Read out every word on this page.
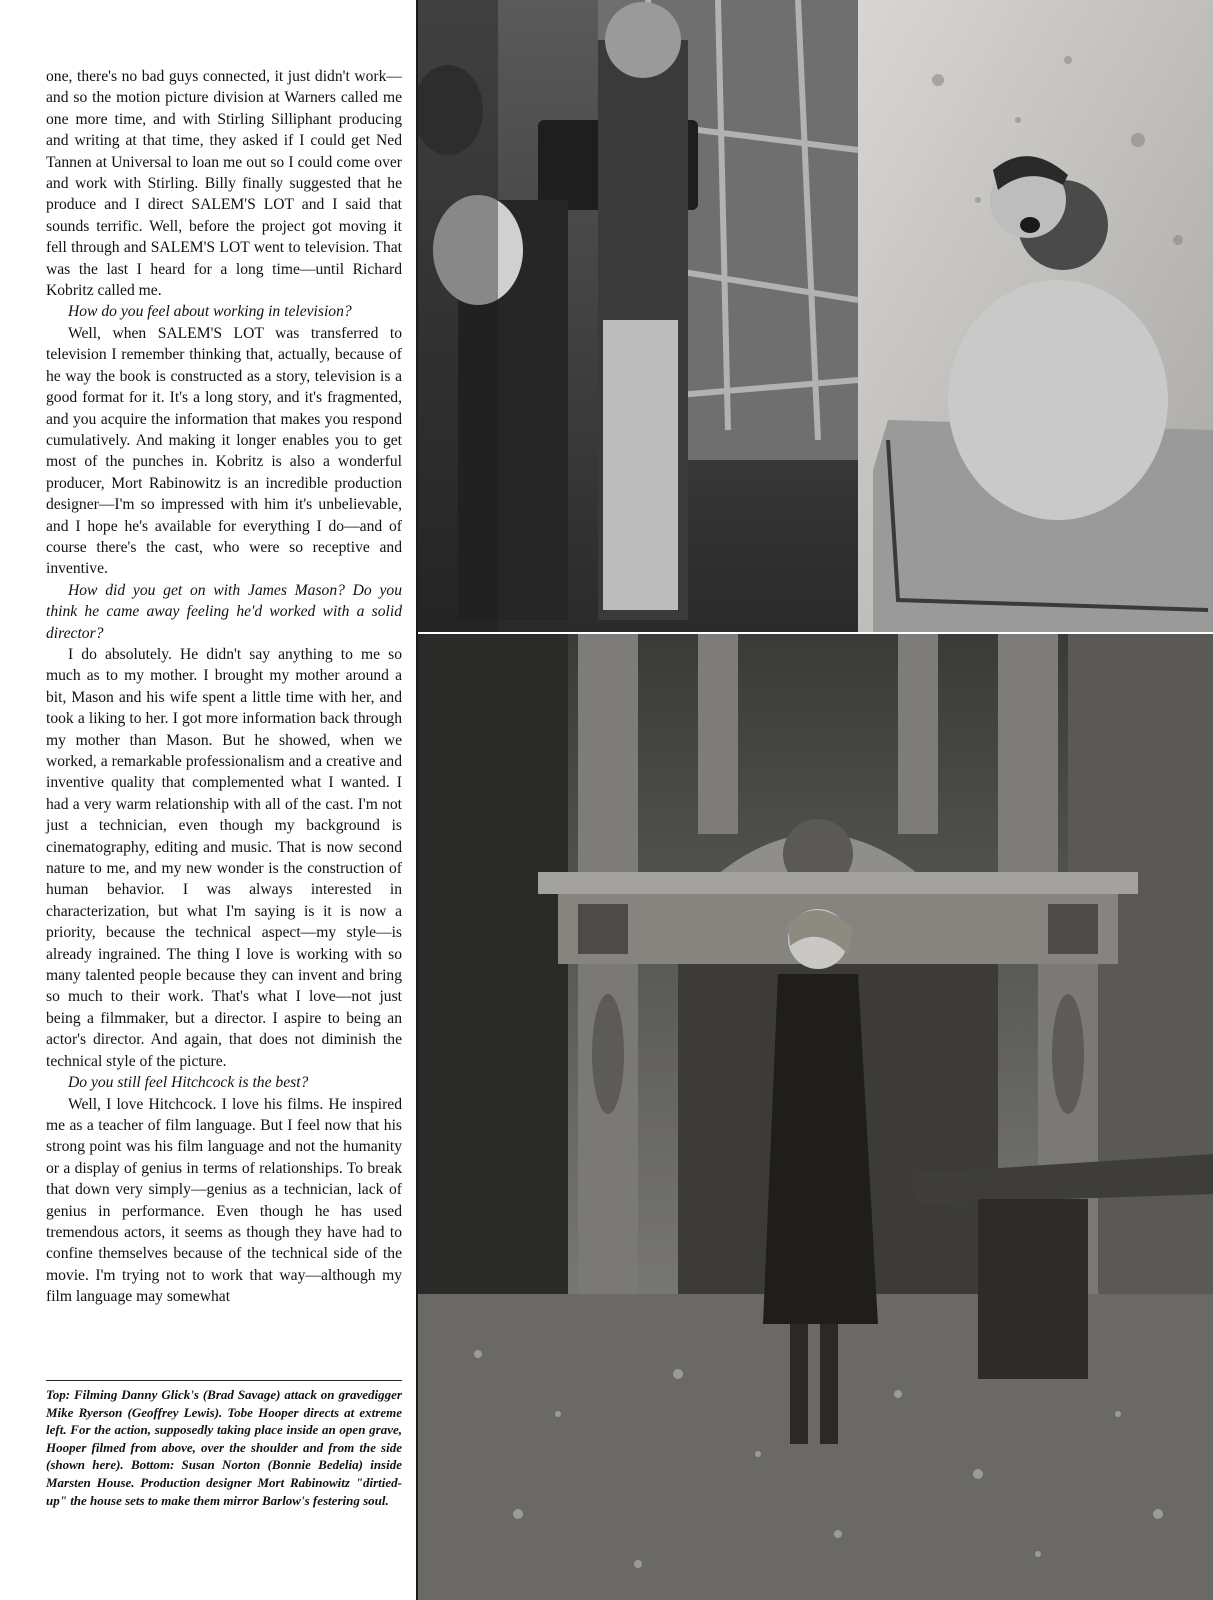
one, there's no bad guys connected, it just didn't work—and so the motion picture division at Warners called me one more time, and with Stirling Silliphant producing and writing at that time, they asked if I could get Ned Tannen at Universal to loan me out so I could come over and work with Stirling. Billy finally suggested that he produce and I direct SALEM'S LOT and I said that sounds terrific. Well, before the project got moving it fell through and SALEM'S LOT went to television. That was the last I heard for a long time—until Richard Kobritz called me.

How do you feel about working in television?

Well, when SALEM'S LOT was transferred to television I remember thinking that, actually, because of he way the book is constructed as a story, television is a good format for it. It's a long story, and it's fragmented, and you acquire the information that makes you respond cumulatively. And making it longer enables you to get most of the punches in. Kobritz is also a wonderful producer, Mort Rabinowitz is an incredible production designer—I'm so impressed with him it's unbelievable, and I hope he's available for everything I do—and of course there's the cast, who were so receptive and inventive.

How did you get on with James Mason? Do you think he came away feeling he'd worked with a solid director?

I do absolutely. He didn't say anything to me so much as to my mother. I brought my mother around a bit, Mason and his wife spent a little time with her, and took a liking to her. I got more information back through my mother than Mason. But he showed, when we worked, a remarkable professionalism and a creative and inventive quality that complemented what I wanted. I had a very warm relationship with all of the cast. I'm not just a technician, even though my background is cinematography, editing and music. That is now second nature to me, and my new wonder is the construction of human behavior. I was always interested in characterization, but what I'm saying is it is now a priority, because the technical aspect—my style—is already ingrained. The thing I love is working with so many talented people because they can invent and bring so much to their work. That's what I love—not just being a filmmaker, but a director. I aspire to being an actor's director. And again, that does not diminish the technical style of the picture.

Do you still feel Hitchcock is the best?

Well, I love Hitchcock. I love his films. He inspired me as a teacher of film language. But I feel now that his strong point was his film language and not the humanity or a display of genius in terms of relationships. To break that down very simply—genius as a technician, lack of genius in performance. Even though he has used tremendous actors, it seems as though they have had to confine themselves because of the technical side of the movie. I'm trying not to work that way—although my film language may somewhat

Top: Filming Danny Glick's (Brad Savage) attack on gravedigger Mike Ryerson (Geoffrey Lewis). Tobe Hooper directs at extreme left. For the action, supposedly taking place inside an open grave, Hooper filmed from above, over the shoulder and from the side (shown here). Bottom: Susan Norton (Bonnie Bedelia) inside Marsten House. Production designer Mort Rabinowitz "dirtied-up" the house sets to make them mirror Barlow's festering soul.
